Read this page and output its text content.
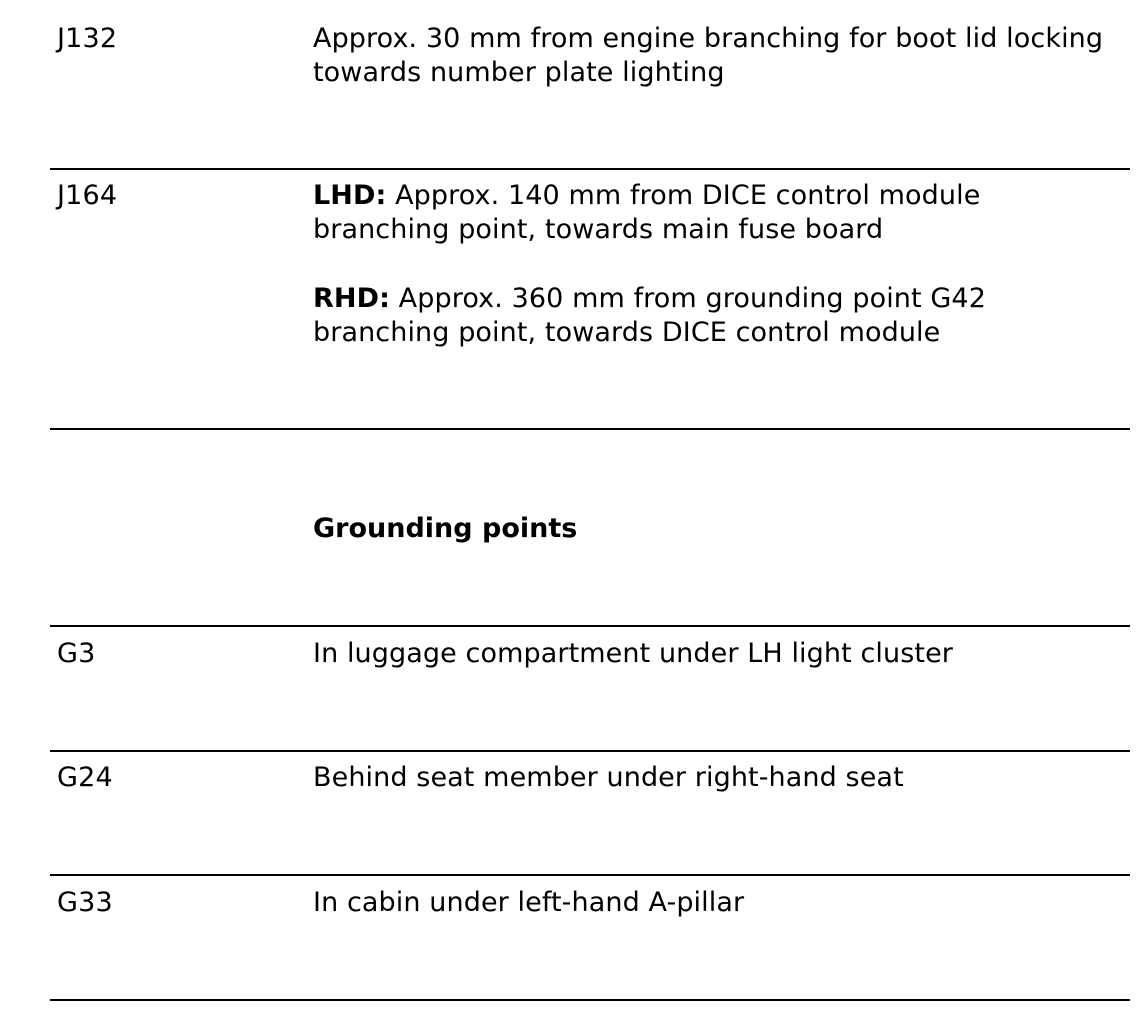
J132	Approx. 30 mm from engine branching for boot lid locking towards number plate lighting

J164	LHD: Approx. 140 mm from DICE control module branching point, towards main fuse board

RHD: Approx. 360 mm from grounding point G42 branching point, towards DICE control module

Grounding points
G3	In luggage compartment under LH light cluster
G24	Behind seat member under right-hand seat
G33	In cabin under left-hand A-pillar
